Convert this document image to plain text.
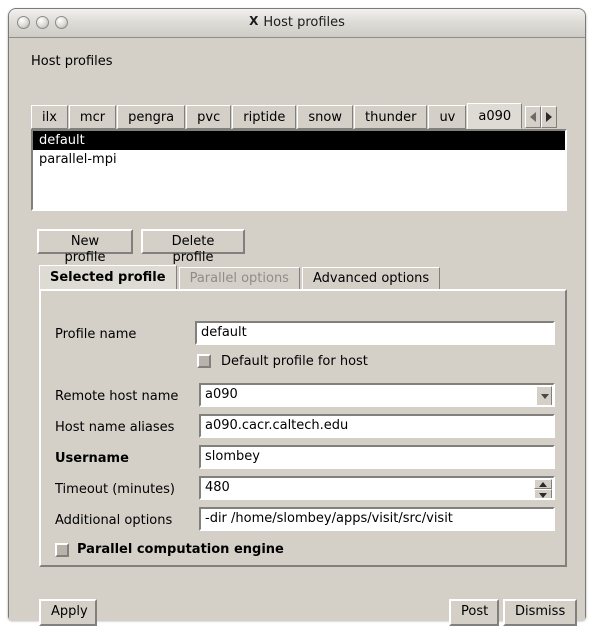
X Host profiles
Host profiles
ilx	mcr	pengra	pvc	riptide	snow	thunder	uv	a090
default
parallel-mpi
New profile
Delete profile
Selected profile	Parallel options	Advanced options
Profile name	default
Default profile for host
Remote host name	a090
Host name aliases	a090.cacr.caltech.edu
Username	slombey
Timeout (minutes)	480
Additional options	-dir /home/slombey/apps/visit/src/visit
Parallel computation engine
Apply	Post	Dismiss
